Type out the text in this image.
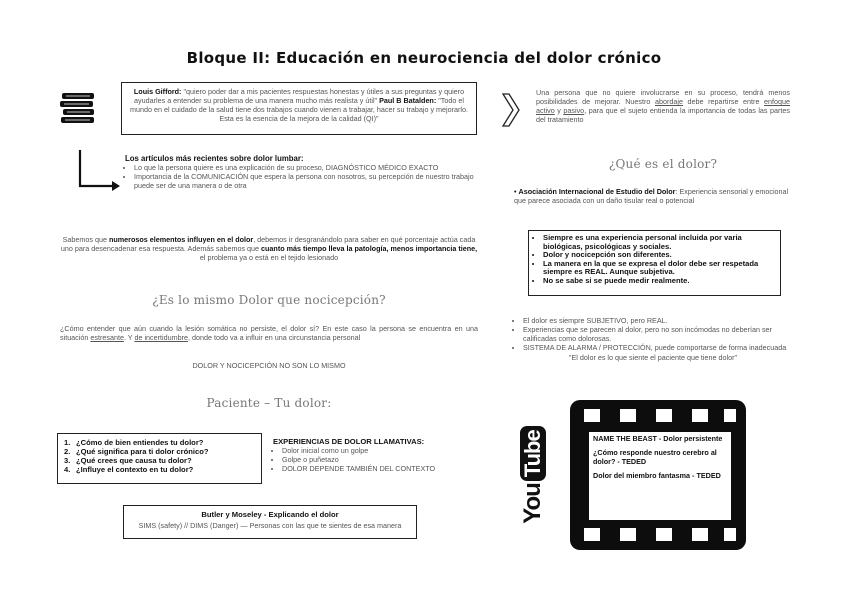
Bloque II: Educación en neurociencia del dolor crónico
Louis Gifford: "quiero poder dar a mis pacientes respuestas honestas y útiles a sus preguntas y quiero ayudarles a entender su problema de una manera mucho más realista y útil" Paul B Batalden: "Todo el mundo en el cuidado de la salud tiene dos trabajos cuando vienen a trabajar, hacer su trabajo y mejorarlo. Esta es la esencia de la mejora de la calidad (QI)"
Una persona que no quiere involucrarse en su proceso, tendrá menos posibilidades de mejorar. Nuestro abordaje debe repartirse entre enfoque activo y pasivo, para que el sujeto entienda la importancia de todas las partes del tratamiento
Los artículos más recientes sobre dolor lumbar:
• Lo que la persona quiere es una explicación de su proceso, DIAGNÓSTICO MÉDICO EXACTO
• Importancia de la COMUNICACIÓN que espera la persona con nosotros, su percepción de nuestro trabajo puede ser de una manera o de otra
Sabemos que numerosos elementos influyen en el dolor, debemos ir desgranándolo para saber en qué porcentaje actúa cada uno para desencadenar esa respuesta. Además sabemos que cuanto más tiempo lleva la patología, menos importancia tiene, el problema ya o está en el tejido lesionado
¿Es lo mismo Dolor que nocicepción?
¿Cómo entender que aún cuando la lesión somática no persiste, el dolor sí? En este caso la persona se encuentra en una situación estresante. Y de incertidumbre, donde todo va a influir en una circunstancia personal
DOLOR Y NOCICEPCIÓN NO SON LO MISMO
Paciente – Tu dolor:
1. ¿Cómo de bien entiendes tu dolor?
2. ¿Qué significa para ti dolor crónico?
3. ¿Qué crees que causa tu dolor?
4. ¿Influye el contexto en tu dolor?
EXPERIENCIAS DE DOLOR LLAMATIVAS:
• Dolor inicial como un golpe
• Golpe o puñetazo
• DOLOR DEPENDE TAMBIÉN DEL CONTEXTO
Butler y Moseley - Explicando el dolor
SIMS (safety) // DIMS (Danger) — Personas con las que te sientes de esa manera
¿Qué es el dolor?
• Asociación Internacional de Estudio del Dolor: Experiencia sensorial y emocional que parece asociada con un daño tisular real o potencial
• Siempre es una experiencia personal incluida por varia biológicas, psicológicas y sociales.
• Dolor y nocicepción son diferentes.
• La manera en la que se expresa el dolor debe ser respetada siempre es REAL. Aunque subjetiva.
• No se sabe si se puede medir realmente.
• El dolor es siempre SUBJETIVO, pero REAL.
• Experiencias que se parecen al dolor, pero no son incómodas no deberían ser calificadas como dolorosas.
• SISTEMA DE ALARMA / PROTECCIÓN, puede comportarse de forma inadecuada
"El dolor es lo que siente el paciente que tiene dolor"
You
Tube	NAME THE BEAST - Dolor persistente
¿Cómo responde nuestro cerebro al dolor? - TEDED
Dolor del miembro fantasma - TEDED
